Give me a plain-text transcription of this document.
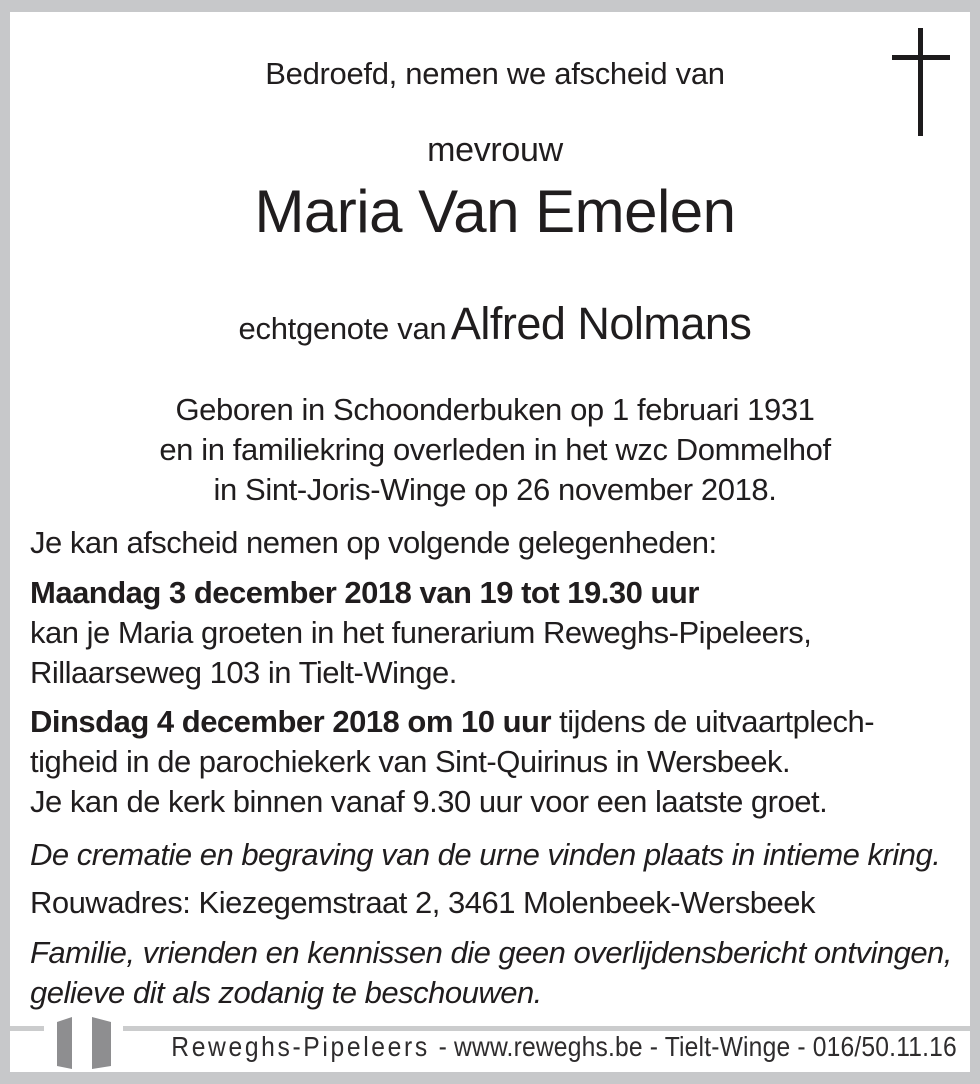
Bedroefd, nemen we afscheid van
mevrouw
Maria Van Emelen
echtgenote van Alfred Nolmans
Geboren in Schoonderbuken op 1 februari 1931
en in familiekring overleden in het wzc Dommelhof
in Sint-Joris-Winge op 26 november 2018.
Je kan afscheid nemen op volgende gelegenheden:
Maandag 3 december 2018 van 19 tot 19.30 uur
kan je Maria groeten in het funerarium Reweghs-Pipeleers,
Rillaarseweg 103 in Tielt-Winge.
Dinsdag 4 december 2018 om 10 uur tijdens de uitvaartplech-
tigheid in de parochiekerk van Sint-Quirinus in Wersbeek.
Je kan de kerk binnen vanaf 9.30 uur voor een laatste groet.
De crematie en begraving van de urne vinden plaats in intieme kring.
Rouwadres: Kiezegemstraat 2, 3461 Molenbeek-Wersbeek
Familie, vrienden en kennissen die geen overlijdensbericht ontvingen,
gelieve dit als zodanig te beschouwen.
Reweghs-Pipeleers - www.reweghs.be - Tielt-Winge - 016/50.11.16
